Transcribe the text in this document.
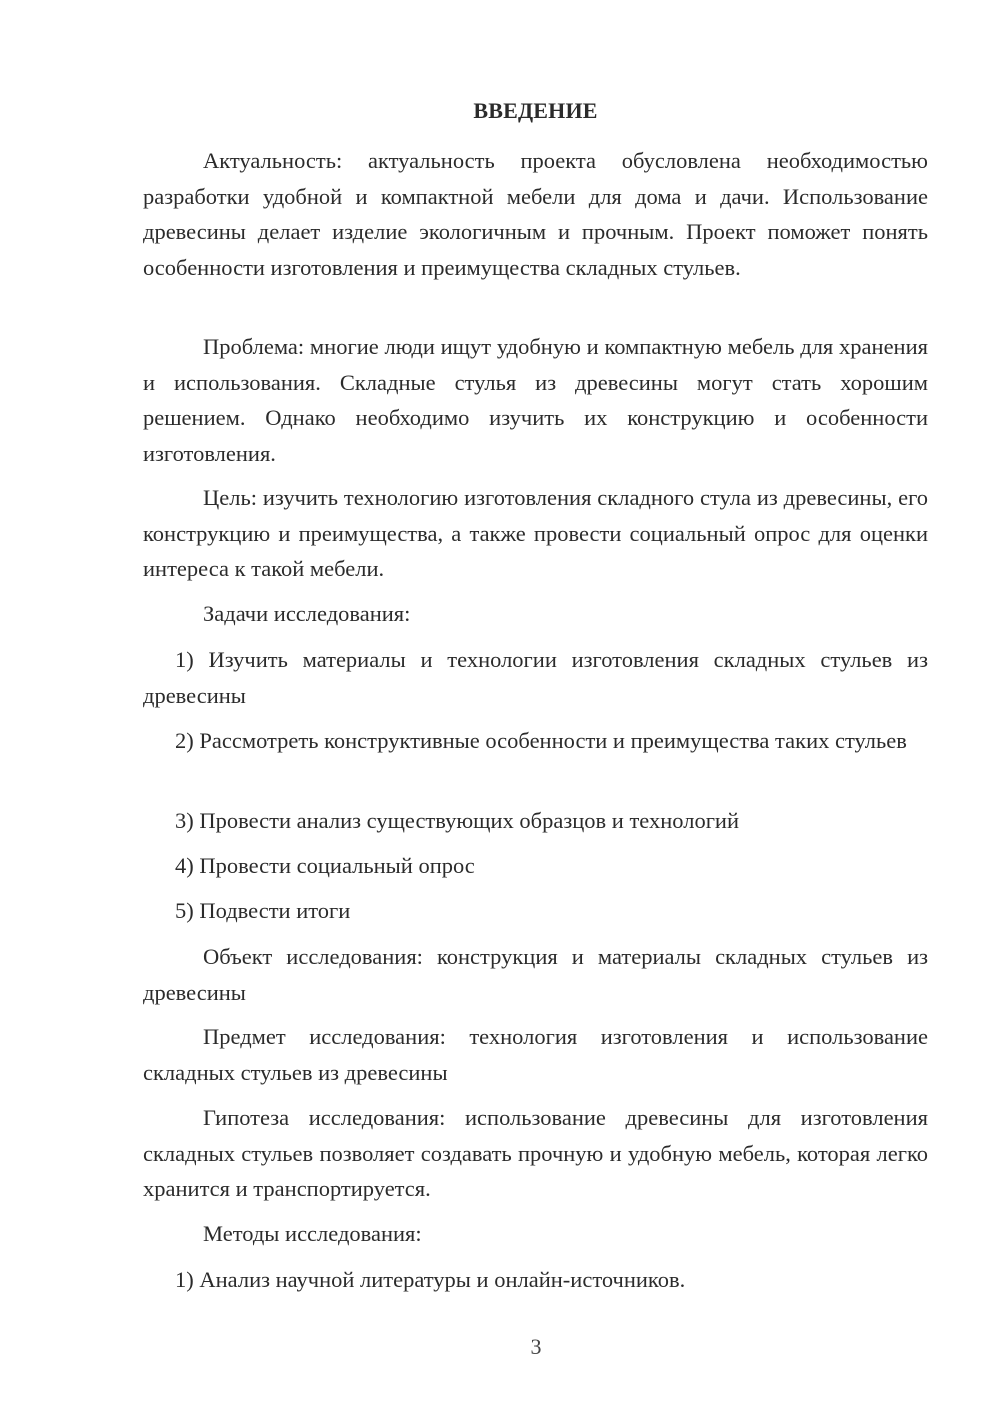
ВВЕДЕНИЕ

Актуальность: актуальность проекта обусловлена необходимостью разработки удобной и компактной мебели для дома и дачи. Использование древесины делает изделие экологичным и прочным. Проект поможет понять особенности изготовления и преимущества складных стульев.

Проблема: многие люди ищут удобную и компактную мебель для хранения и использования. Складные стулья из древесины могут стать хорошим решением. Однако необходимо изучить их конструкцию и особенности изготовления.

Цель: изучить технологию изготовления складного стула из древесины, его конструкцию и преимущества, а также провести социальный опрос для оценки интереса к такой мебели.

Задачи исследования:

1) Изучить материалы и технологии изготовления складных стульев из древесины

2) Рассмотреть конструктивные особенности и преимущества таких стульев

3) Провести анализ существующих образцов и технологий

4) Провести социальный опрос

5) Подвести итоги

Объект исследования: конструкция и материалы складных стульев из древесины

Предмет исследования: технология изготовления и использование складных стульев из древесины

Гипотеза исследования: использование древесины для изготовления складных стульев позволяет создавать прочную и удобную мебель, которая легко хранится и транспортируется.

Методы исследования:

1) Анализ научной литературы и онлайн-источников.

3
